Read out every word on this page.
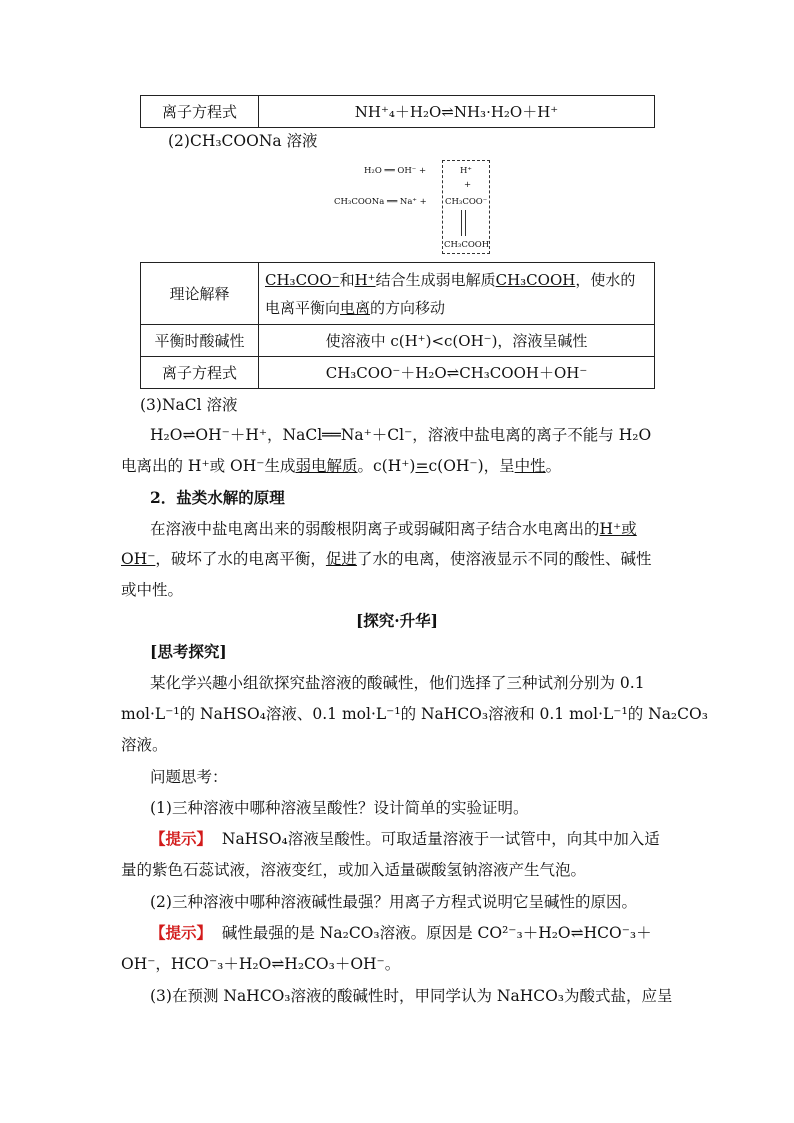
离子方程式	NH⁺₄＋H₂O⇌NH₃·H₂O＋H⁺
(2)CH₃COONa 溶液
H₂O ══ OH⁻ +
CH₃COONa ══ Na⁺ +
H⁺
+
CH₃COO⁻
CH₃COOH
理论解释	CH₃COO⁻和H⁺结合生成弱电解质CH₃COOH，使水的电离平衡向电离的方向移动
平衡时酸碱性	使溶液中 c(H⁺)<c(OH⁻)，溶液呈碱性
离子方程式	CH₃COO⁻＋H₂O⇌CH₃COOH＋OH⁻
(3)NaCl 溶液
H₂O⇌OH⁻＋H⁺，NaCl══Na⁺＋Cl⁻，溶液中盐电离的离子不能与 H₂O
电离出的 H⁺或 OH⁻生成弱电解质。c(H⁺)=c(OH⁻)，呈中性。
2．盐类水解的原理
在溶液中盐电离出来的弱酸根阴离子或弱碱阳离子结合水电离出的H⁺或
OH⁻，破坏了水的电离平衡，促进了水的电离，使溶液显示不同的酸性、碱性
或中性。
[探究·升华]
[思考探究]
某化学兴趣小组欲探究盐溶液的酸碱性，他们选择了三种试剂分别为 0.1
mol·L⁻¹的 NaHSO₄溶液、0.1 mol·L⁻¹的 NaHCO₃溶液和 0.1 mol·L⁻¹的 Na₂CO₃
溶液。
问题思考：
(1)三种溶液中哪种溶液呈酸性？设计简单的实验证明。
【提示】 NaHSO₄溶液呈酸性。可取适量溶液于一试管中，向其中加入适
量的紫色石蕊试液，溶液变红，或加入适量碳酸氢钠溶液产生气泡。
(2)三种溶液中哪种溶液碱性最强？用离子方程式说明它呈碱性的原因。
【提示】 碱性最强的是 Na₂CO₃溶液。原因是 CO²⁻₃＋H₂O⇌HCO⁻₃＋
OH⁻，HCO⁻₃＋H₂O⇌H₂CO₃＋OH⁻。
(3)在预测 NaHCO₃溶液的酸碱性时，甲同学认为 NaHCO₃为酸式盐，应呈
